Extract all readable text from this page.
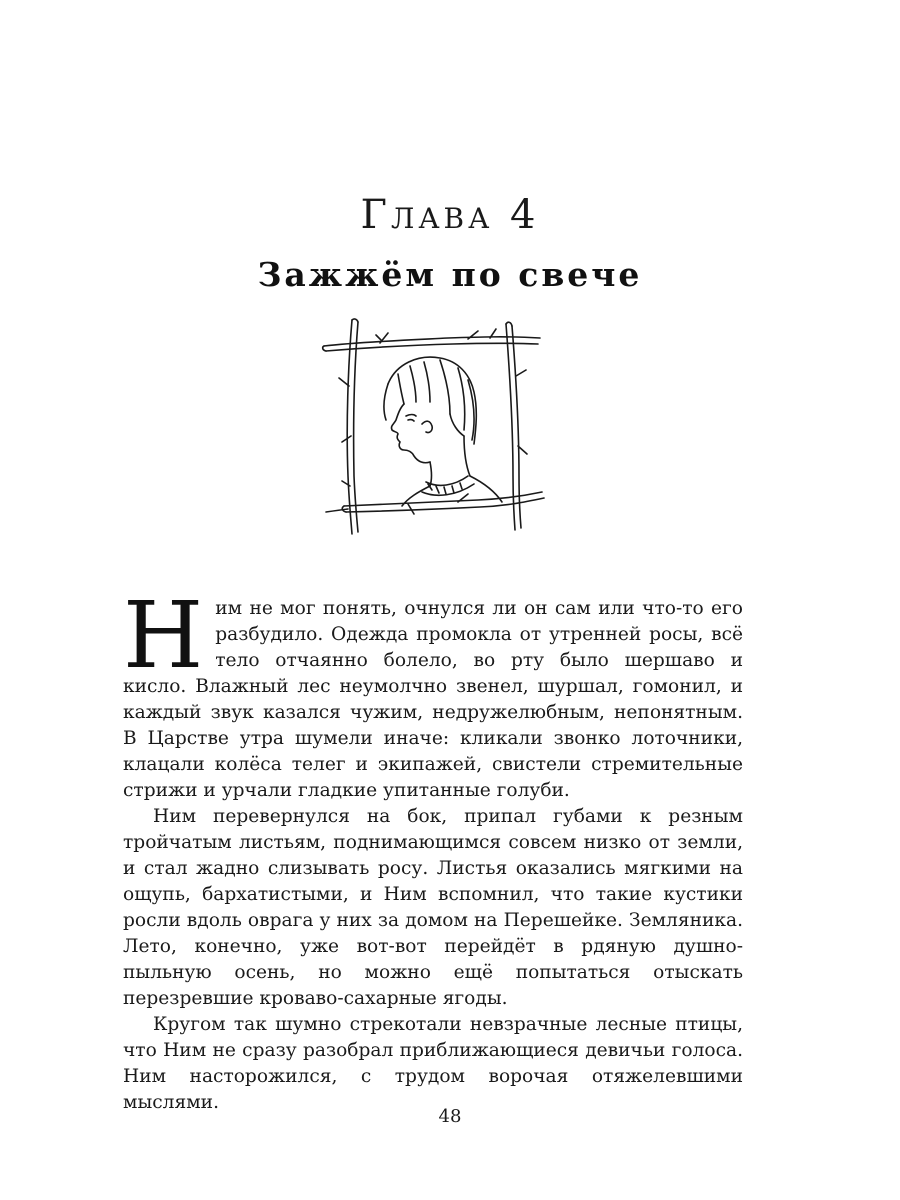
Глава 4
Зажжём по свече

Ним не мог понять, очнулся ли он сам или что-то его разбудило. Одежда промокла от утренней росы, всё тело отчаянно болело, во рту было шершаво и кисло. Влажный лес неумолчно звенел, шуршал, гомонил, и каждый звук казался чужим, недружелюбным, непонятным. В Царстве утра шумели иначе: кликали звонко лоточники, клацали колёса телег и экипажей, свистели стремительные стрижи и урчали гладкие упитанные голуби.

Ним перевернулся на бок, припал губами к резным тройчатым листьям, поднимающимся совсем низко от земли, и стал жадно слизывать росу. Листья оказались мягкими на ощупь, бархатистыми, и Ним вспомнил, что такие кустики росли вдоль оврага у них за домом на Перешейке. Земляника. Лето, конечно, уже вот-вот перейдёт в рдяную душно-пыльную осень, но можно ещё попытаться отыскать перезревшие кроваво-сахарные ягоды.

Кругом так шумно стрекотали невзрачные лесные птицы, что Ним не сразу разобрал приближающиеся девичьи голоса. Ним насторожился, с трудом ворочая отяжелевшими мыслями.

48
